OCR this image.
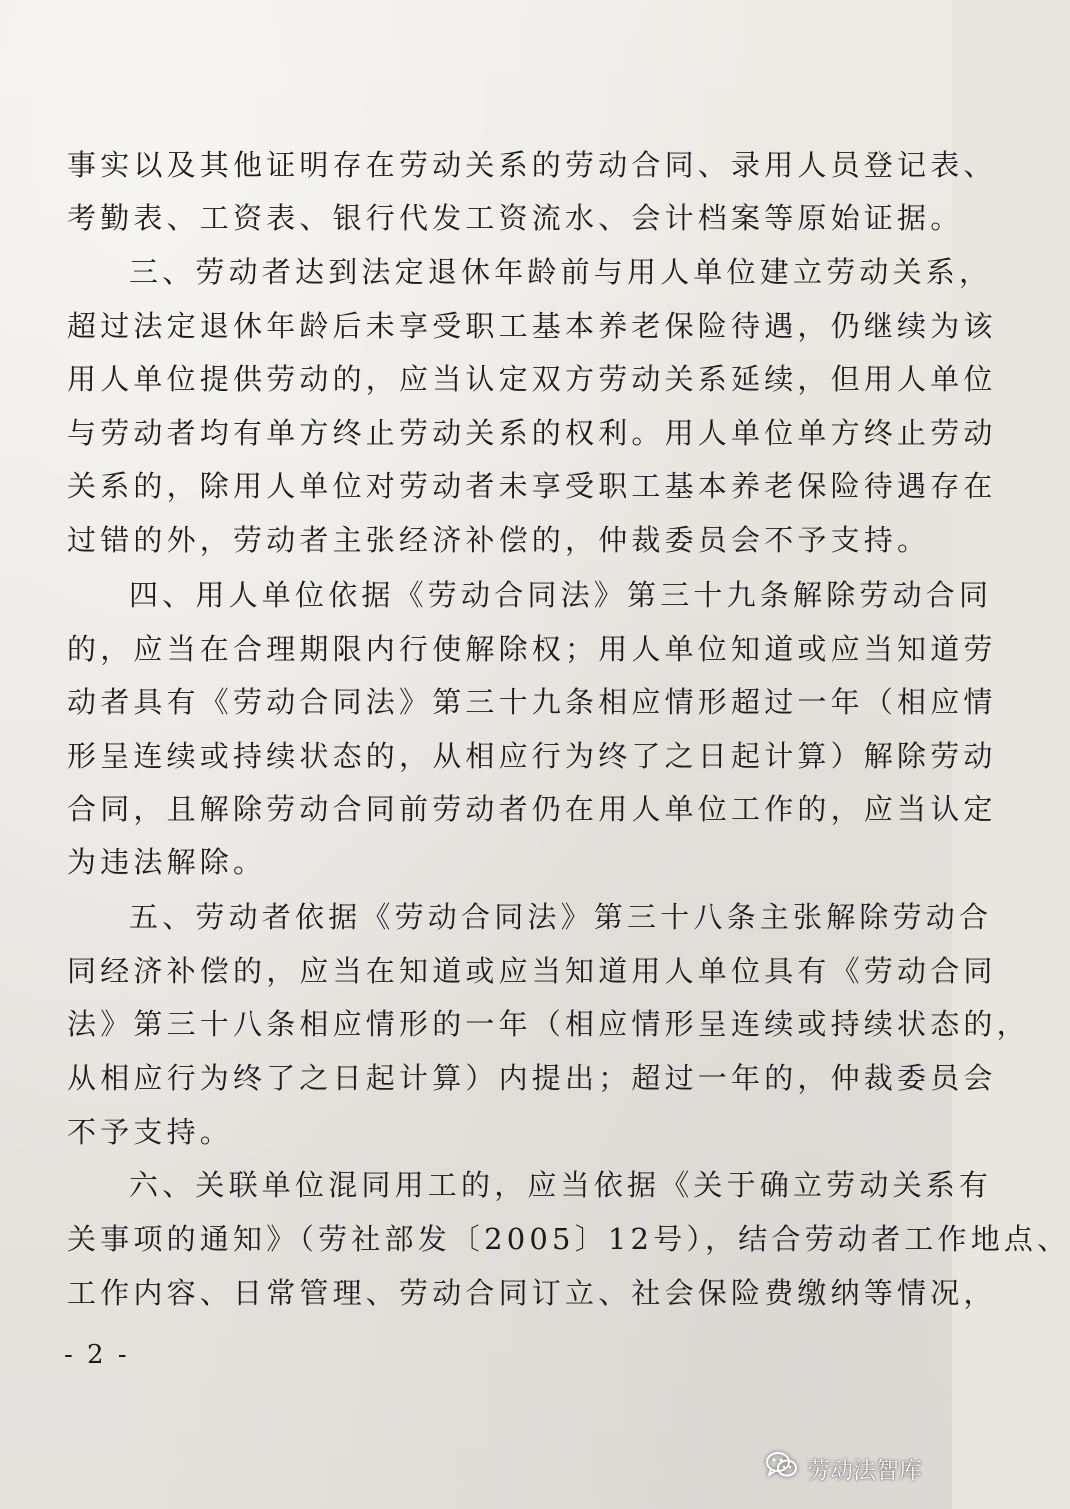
事实以及其他证明存在劳动关系的劳动合同、录用人员登记表、
考勤表、工资表、银行代发工资流水、会计档案等原始证据。
三、劳动者达到法定退休年龄前与用人单位建立劳动关系，
超过法定退休年龄后未享受职工基本养老保险待遇，仍继续为该
用人单位提供劳动的，应当认定双方劳动关系延续，但用人单位
与劳动者均有单方终止劳动关系的权利。用人单位单方终止劳动
关系的，除用人单位对劳动者未享受职工基本养老保险待遇存在
过错的外，劳动者主张经济补偿的，仲裁委员会不予支持。
四、用人单位依据《劳动合同法》第三十九条解除劳动合同
的，应当在合理期限内行使解除权；用人单位知道或应当知道劳
动者具有《劳动合同法》第三十九条相应情形超过一年（相应情
形呈连续或持续状态的，从相应行为终了之日起计算）解除劳动
合同，且解除劳动合同前劳动者仍在用人单位工作的，应当认定
为违法解除。
五、劳动者依据《劳动合同法》第三十八条主张解除劳动合
同经济补偿的，应当在知道或应当知道用人单位具有《劳动合同
法》第三十八条相应情形的一年（相应情形呈连续或持续状态的，
从相应行为终了之日起计算）内提出；超过一年的，仲裁委员会
不予支持。
六、关联单位混同用工的，应当依据《关于确立劳动关系有
关事项的通知》（劳社部发〔2005〕12号），结合劳动者工作地点、
工作内容、日常管理、劳动合同订立、社会保险费缴纳等情况，
- 2 -
劳动法智库
